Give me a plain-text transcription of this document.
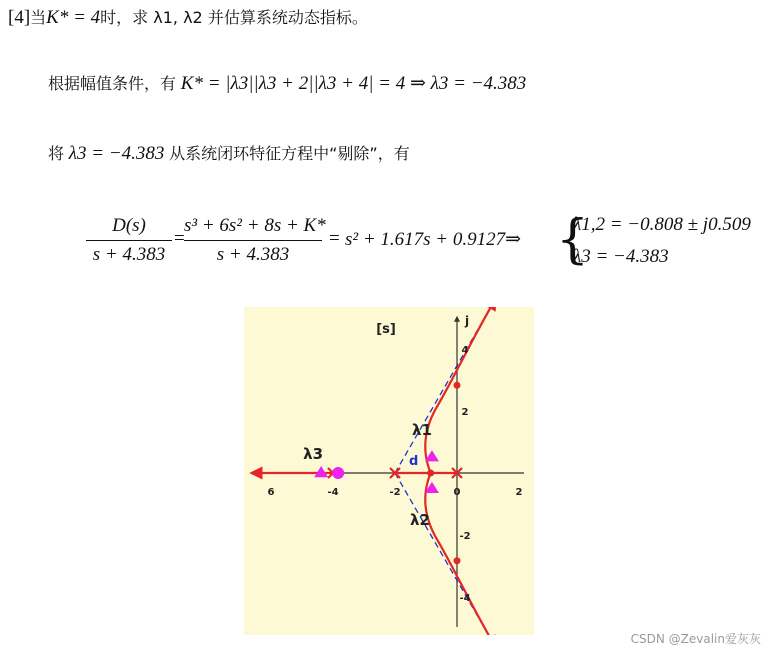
[4]当K* = 4时，求 λ1, λ2 并估算系统动态指标。
根据幅值条件，有 K* = |λ3||λ3 + 2||λ3 + 4| = 4 ⇒ λ3 = −4.383
将 λ3 = −4.383 从系统闭环特征方程中“剔除”，有
D(s)
s + 4.383
=
s³ + 6s² + 8s + K*
s + 4.383
= s² + 1.617s + 0.9127⇒ {
λ1,2 = −0.808 ± j0.509
λ3 = −4.383
[s]
j
6	-4	-2	0	2
4
2
-2
-4
λ1
λ2
λ3	d
CSDN @Zevalin爱灰灰
